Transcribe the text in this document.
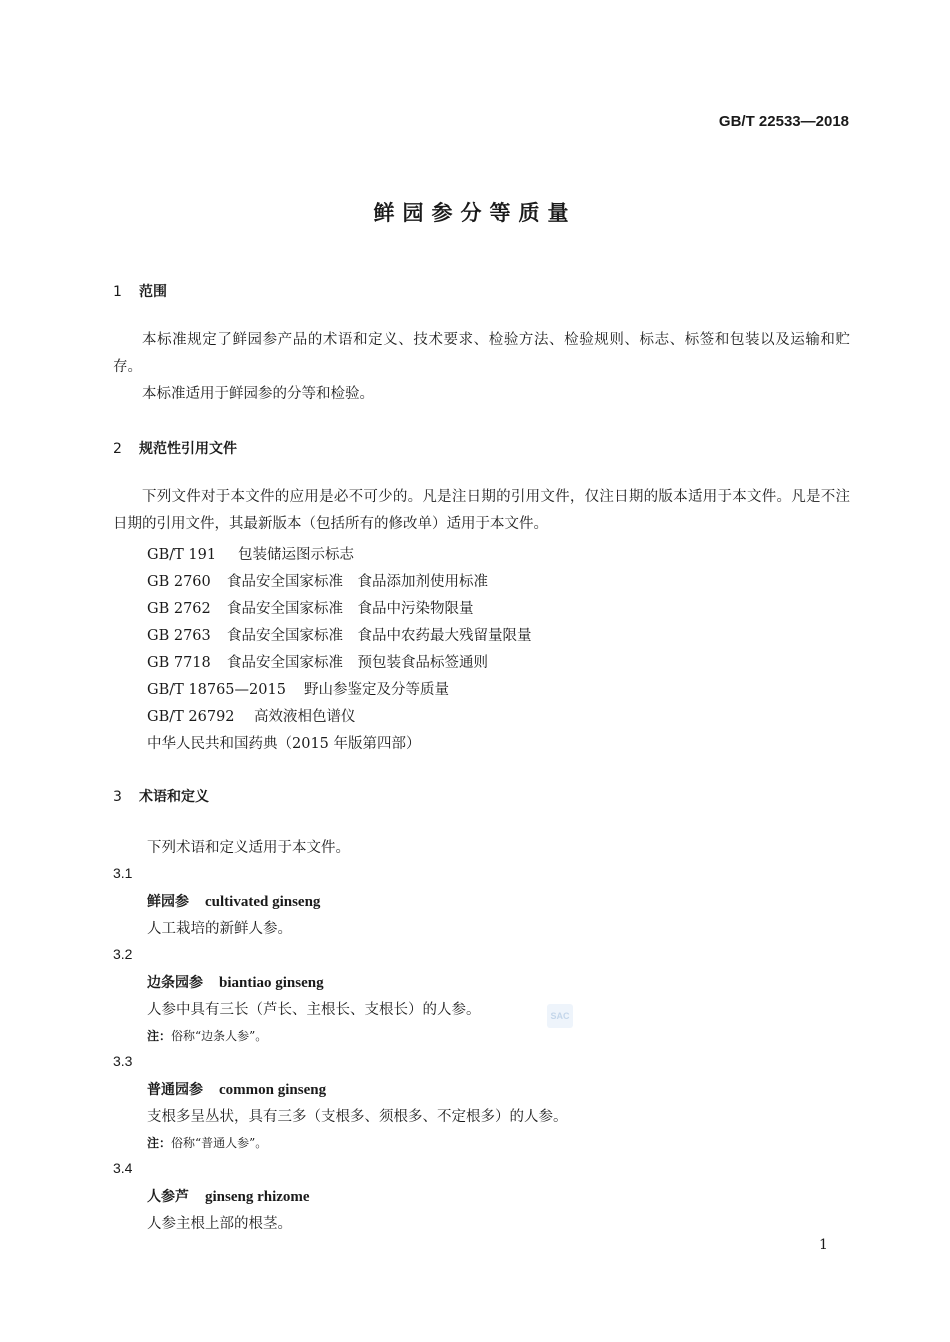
GB/T 22533—2018
鲜园参分等质量
1 范围
本标准规定了鲜园参产品的术语和定义、技术要求、检验方法、检验规则、标志、标签和包装以及运输和贮存。
本标准适用于鲜园参的分等和检验。
2 规范性引用文件
下列文件对于本文件的应用是必不可少的。凡是注日期的引用文件，仅注日期的版本适用于本文件。凡是不注日期的引用文件，其最新版本（包括所有的修改单）适用于本文件。
GB/T 191 包装储运图示标志
GB 2760 食品安全国家标准　食品添加剂使用标准
GB 2762 食品安全国家标准　食品中污染物限量
GB 2763 食品安全国家标准　食品中农药最大残留量限量
GB 7718 食品安全国家标准　预包装食品标签通则
GB/T 18765—2015 野山参鉴定及分等质量
GB/T 26792 高效液相色谱仪
中华人民共和国药典（2015 年版第四部）
3 术语和定义
下列术语和定义适用于本文件。
3.1
鲜园参 cultivated ginseng
人工栽培的新鲜人参。
3.2
边条园参 biantiao ginseng
人参中具有三长（芦长、主根长、支根长）的人参。
注：俗称“边条人参”。
3.3
普通园参 common ginseng
支根多呈丛状，具有三多（支根多、须根多、不定根多）的人参。
注：俗称“普通人参”。
3.4
人参芦 ginseng rhizome
人参主根上部的根茎。
SAC
1
